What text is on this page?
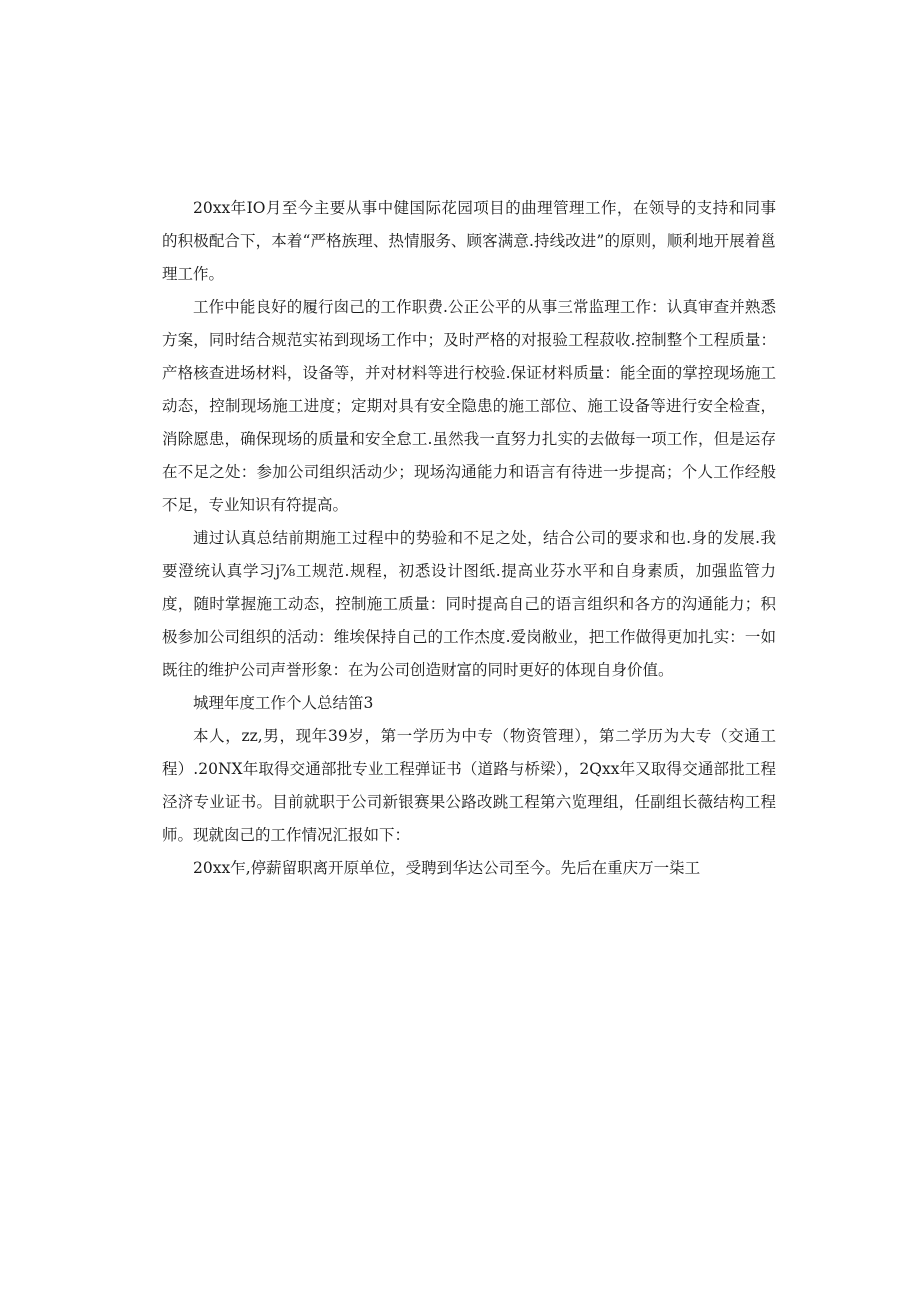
20xx年IO月至今主要从事中健国际花园项目的曲理管理工作，在领导的支持和同事的积极配合下，本着“严格族理、热情服务、顾客满意.持线改进”的原则，顺利地开展着邕理工作。

工作中能良好的履行囱己的工作职费.公正公平的从事三常监理工作：认真审查并熟悉方案，同时结合规范实祐到现场工作中；及时严格的对报验工程菽收.控制整个工程质量：产格核查进场材料，设备等，并对材料等进行校验.保证材料质量：能全面的掌控现场施工动态，控制现场施工进度；定期对具有安全隐患的施工部位、施工设备等进行安全检查，消除愿患，确保现场的质量和安全怠工.虽然我一直努力扎实的去做每一项工作，但是运存在不足之处：参加公司组织活动少；现场沟通能力和语言有待进一步提高；个人工作经般不足，专业知识有符提高。

逋过认真总结前期施工过程中的势验和不足之处，结合公司的要求和也.身的发展.我要澄统认真学习j⅞工规范.规程，初悉设计图纸.提高业芬水平和自身素质，加强监管力度，随时掌握施工动态，控制施工质量：同时提高自己的语言组织和各方的沟通能力；积极参加公司组织的活动：维埃保持自己的工作杰度.爱岗敝业，把工作做得更加扎实：一如既往的维护公司声誉形象：在为公司创造财富的同时更好的体现自身价值。

城理年度工作个人总结笛3

本人，zz,男，现年39岁，第一学历为中专（物资管理），第二学历为大专（交通工程）.20NX年取得交通部批专业工程弹证书（道路与桥梁），2Qxx年又取得交通部批工程泾济专业证书。目前就职于公司新银赛果公路改跳工程第六览理组，任副组长薇结构工程师。现就囱己的工作情况汇报如下：

20xx乍,停薪留职离开原单位，受聘到华达公司至今。先后在重庆万一柒工
